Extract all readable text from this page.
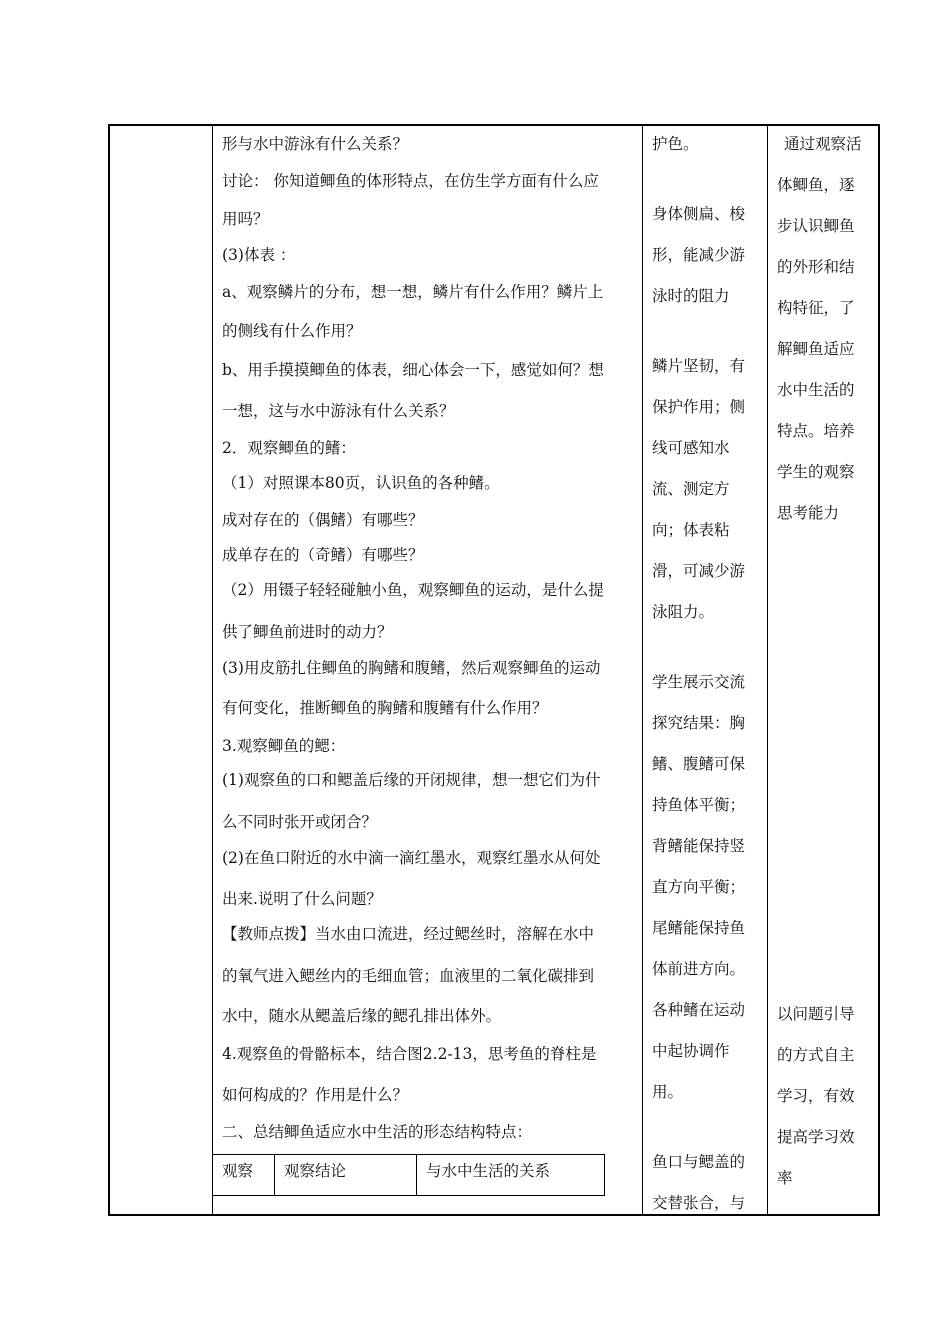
形与水中游泳有什么关系？
讨论： 你知道鲫鱼的体形特点，在仿生学方面有什么应
用吗？
(3)体表 ：
a、观察鳞片的分布，想一想，鳞片有什么作用？鳞片上
的侧线有什么作用？
b、用手摸摸鲫鱼的体表，细心体会一下，感觉如何？想
一想，这与水中游泳有什么关系？
2．观察鲫鱼的鳍：
（1）对照课本80页，认识鱼的各种鳍。
成对存在的（偶鳍）有哪些？
成单存在的（奇鳍）有哪些？
（2）用镊子轻轻碰触小鱼，观察鲫鱼的运动，是什么提
供了鲫鱼前进时的动力？
(3)用皮筋扎住鲫鱼的胸鳍和腹鳍，然后观察鲫鱼的运动
有何变化，推断鲫鱼的胸鳍和腹鳍有什么作用？
3.观察鲫鱼的鳃：
(1)观察鱼的口和鳃盖后缘的开闭规律，想一想它们为什
么不同时张开或闭合？
(2)在鱼口附近的水中滴一滴红墨水，观察红墨水从何处
出来.说明了什么问题？
【教师点拨】当水由口流进，经过鳃丝时，溶解在水中
的氧气进入鳃丝内的毛细血管；血液里的二氧化碳排到
水中，随水从鳃盖后缘的鳃孔排出体外。
4.观察鱼的骨骼标本，结合图2.2-13，思考鱼的脊柱是
如何构成的？作用是什么？
二、总结鲫鱼适应水中生活的形态结构特点：
护色。
身体侧扁、梭
形，能减少游
泳时的阻力
鳞片坚韧，有
保护作用；侧
线可感知水
流、测定方
向；体表粘
滑，可减少游
泳阻力。
学生展示交流
探究结果：胸
鳍、腹鳍可保
持鱼体平衡；
背鳍能保持竖
直方向平衡；
尾鳍能保持鱼
体前进方向。
各种鳍在运动
中起协调作
用。
鱼口与鳃盖的
交替张合，与
通过观察活
体鲫鱼，逐
步认识鲫鱼
的外形和结
构特征，了
解鲫鱼适应
水中生活的
特点。培养
学生的观察
思考能力
以问题引导
的方式自主
学习，有效
提高学习效
率
观察	观察结论	与水中生活的关系
